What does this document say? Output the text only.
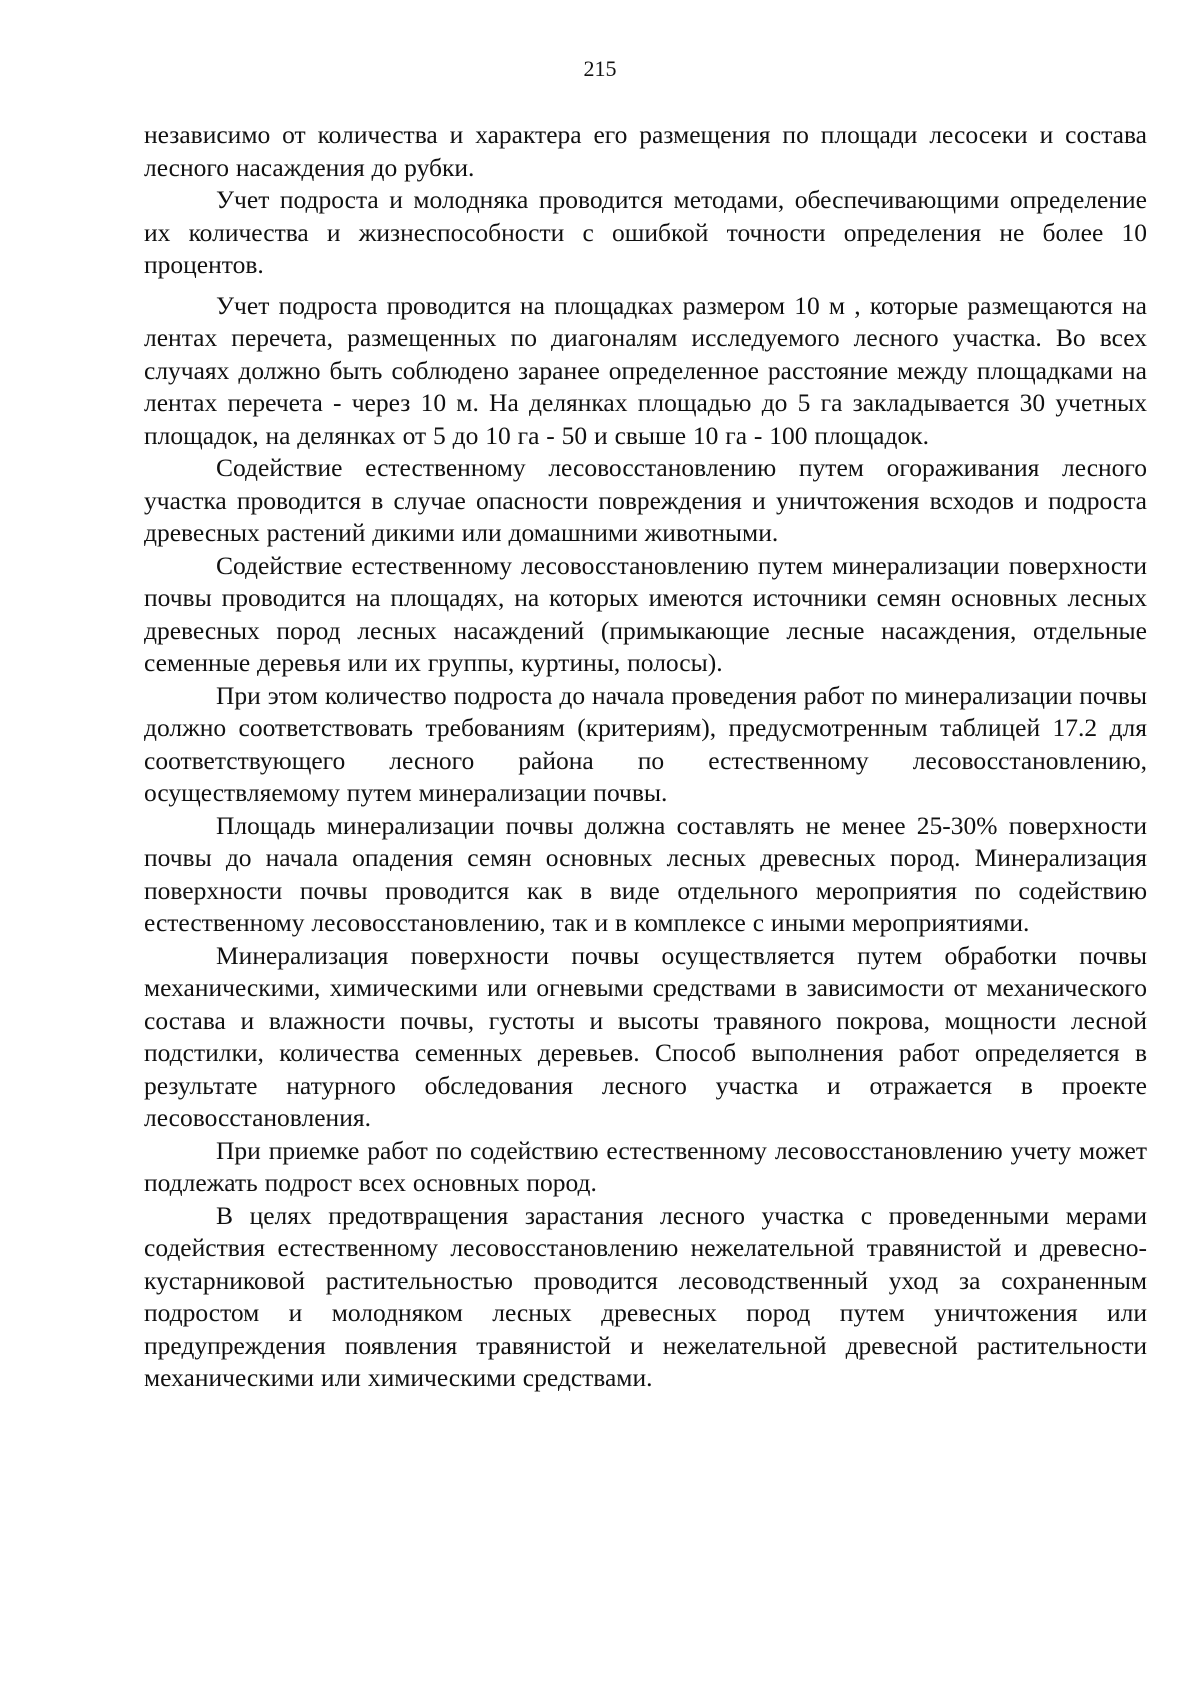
215

независимо от количества и характера его размещения по площади лесосеки и состава лесного насаждения до рубки.

Учет подроста и молодняка проводится методами, обеспечивающими определение их количества и жизнеспособности с ошибкой точности определения не более 10 процентов.

Учет подроста проводится на площадках размером 10 м , которые размещаются на лентах перечета, размещенных по диагоналям исследуемого лесного участка. Во всех случаях должно быть соблюдено заранее определенное расстояние между площадками на лентах перечета - через 10 м. На делянках площадью до 5 га закладывается 30 учетных площадок, на делянках от 5 до 10 га - 50 и свыше 10 га - 100 площадок.

Содействие естественному лесовосстановлению путем огораживания лесного участка проводится в случае опасности повреждения и уничтожения всходов и подроста древесных растений дикими или домашними животными.

Содействие естественному лесовосстановлению путем минерализации поверхности почвы проводится на площадях, на которых имеются источники семян основных лесных древесных пород лесных насаждений (примыкающие лесные насаждения, отдельные семенные деревья или их группы, куртины, полосы).

При этом количество подроста до начала проведения работ по минерализации почвы должно соответствовать требованиям (критериям), предусмотренным таблицей 17.2 для соответствующего лесного района по естественному лесовосстановлению, осуществляемому путем минерализации почвы.

Площадь минерализации почвы должна составлять не менее 25-30% поверхности почвы до начала опадения семян основных лесных древесных пород. Минерализация поверхности почвы проводится как в виде отдельного мероприятия по содействию естественному лесовосстановлению, так и в комплексе с иными мероприятиями.

Минерализация поверхности почвы осуществляется путем обработки почвы механическими, химическими или огневыми средствами в зависимости от механического состава и влажности почвы, густоты и высоты травяного покрова, мощности лесной подстилки, количества семенных деревьев. Способ выполнения работ определяется в результате натурного обследования лесного участка и отражается в проекте лесовосстановления.

При приемке работ по содействию естественному лесовосстановлению учету может подлежать подрост всех основных пород.

В целях предотвращения зарастания лесного участка с проведенными мерами содействия естественному лесовосстановлению нежелательной травянистой и древесно-кустарниковой растительностью проводится лесоводственный уход за сохраненным подростом и молодняком лесных древесных пород путем уничтожения или предупреждения появления травянистой и нежелательной древесной растительности механическими или химическими средствами.
